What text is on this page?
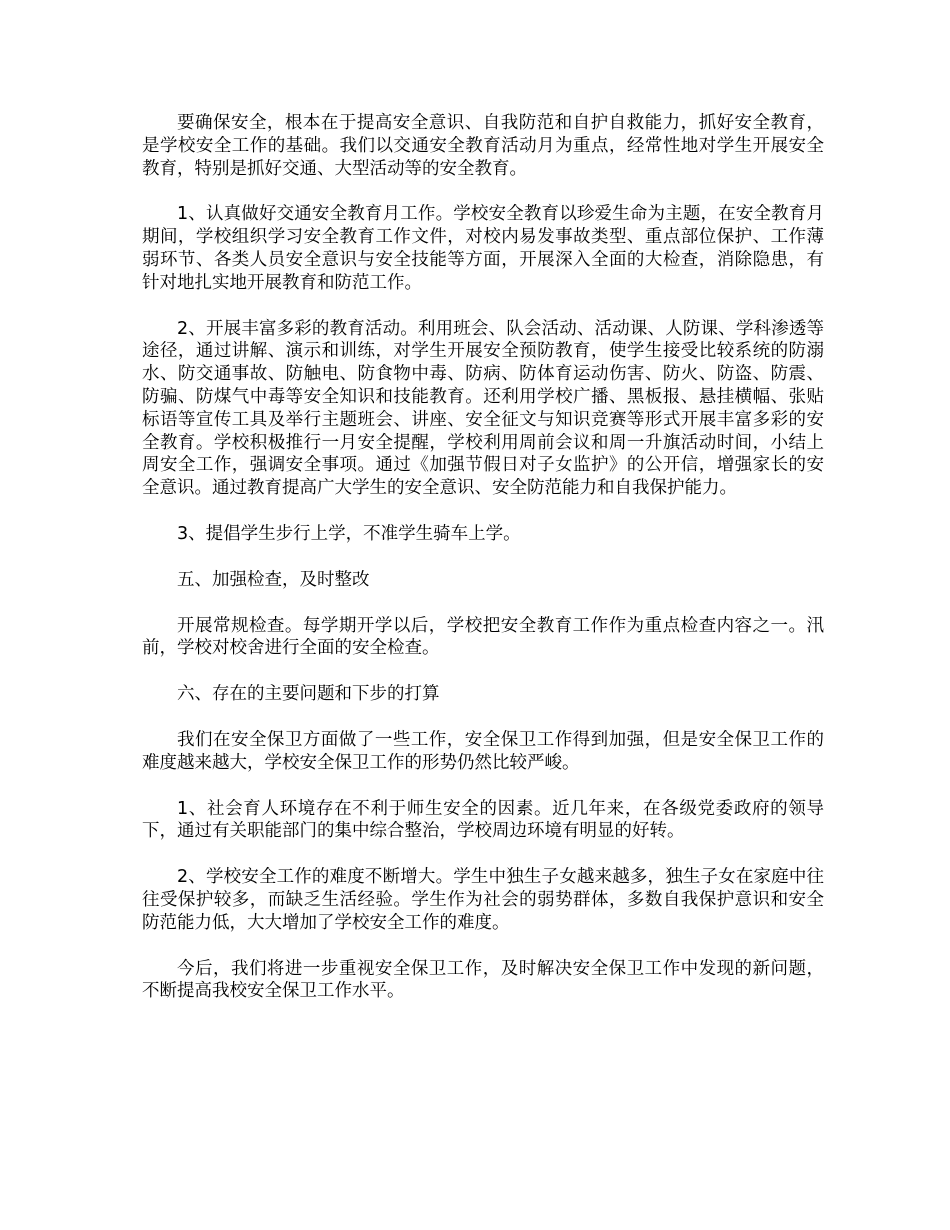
要确保安全，根本在于提高安全意识、自我防范和自护自救能力，抓好安全教育，是学校安全工作的基础。我们以交通安全教育活动月为重点，经常性地对学生开展安全教育，特别是抓好交通、大型活动等的安全教育。

1、认真做好交通安全教育月工作。学校安全教育以珍爱生命为主题，在安全教育月期间，学校组织学习安全教育工作文件，对校内易发事故类型、重点部位保护、工作薄弱环节、各类人员安全意识与安全技能等方面，开展深入全面的大检查，消除隐患，有针对地扎实地开展教育和防范工作。

2、开展丰富多彩的教育活动。利用班会、队会活动、活动课、人防课、学科渗透等途径，通过讲解、演示和训练，对学生开展安全预防教育，使学生接受比较系统的防溺水、防交通事故、防触电、防食物中毒、防病、防体育运动伤害、防火、防盗、防震、防骗、防煤气中毒等安全知识和技能教育。还利用学校广播、黑板报、悬挂横幅、张贴标语等宣传工具及举行主题班会、讲座、安全征文与知识竞赛等形式开展丰富多彩的安全教育。学校积极推行一月安全提醒，学校利用周前会议和周一升旗活动时间，小结上周安全工作，强调安全事项。通过《加强节假日对子女监护》的公开信，增强家长的安全意识。通过教育提高广大学生的安全意识、安全防范能力和自我保护能力。

3、提倡学生步行上学，不准学生骑车上学。

五、加强检查，及时整改

开展常规检查。每学期开学以后，学校把安全教育工作作为重点检查内容之一。汛前，学校对校舍进行全面的安全检查。

六、存在的主要问题和下步的打算

我们在安全保卫方面做了一些工作，安全保卫工作得到加强，但是安全保卫工作的难度越来越大，学校安全保卫工作的形势仍然比较严峻。

1、社会育人环境存在不利于师生安全的因素。近几年来，在各级党委政府的领导下，通过有关职能部门的集中综合整治，学校周边环境有明显的好转。

2、学校安全工作的难度不断增大。学生中独生子女越来越多，独生子女在家庭中往往受保护较多，而缺乏生活经验。学生作为社会的弱势群体，多数自我保护意识和安全防范能力低，大大增加了学校安全工作的难度。

今后，我们将进一步重视安全保卫工作，及时解决安全保卫工作中发现的新问题，不断提高我校安全保卫工作水平。
